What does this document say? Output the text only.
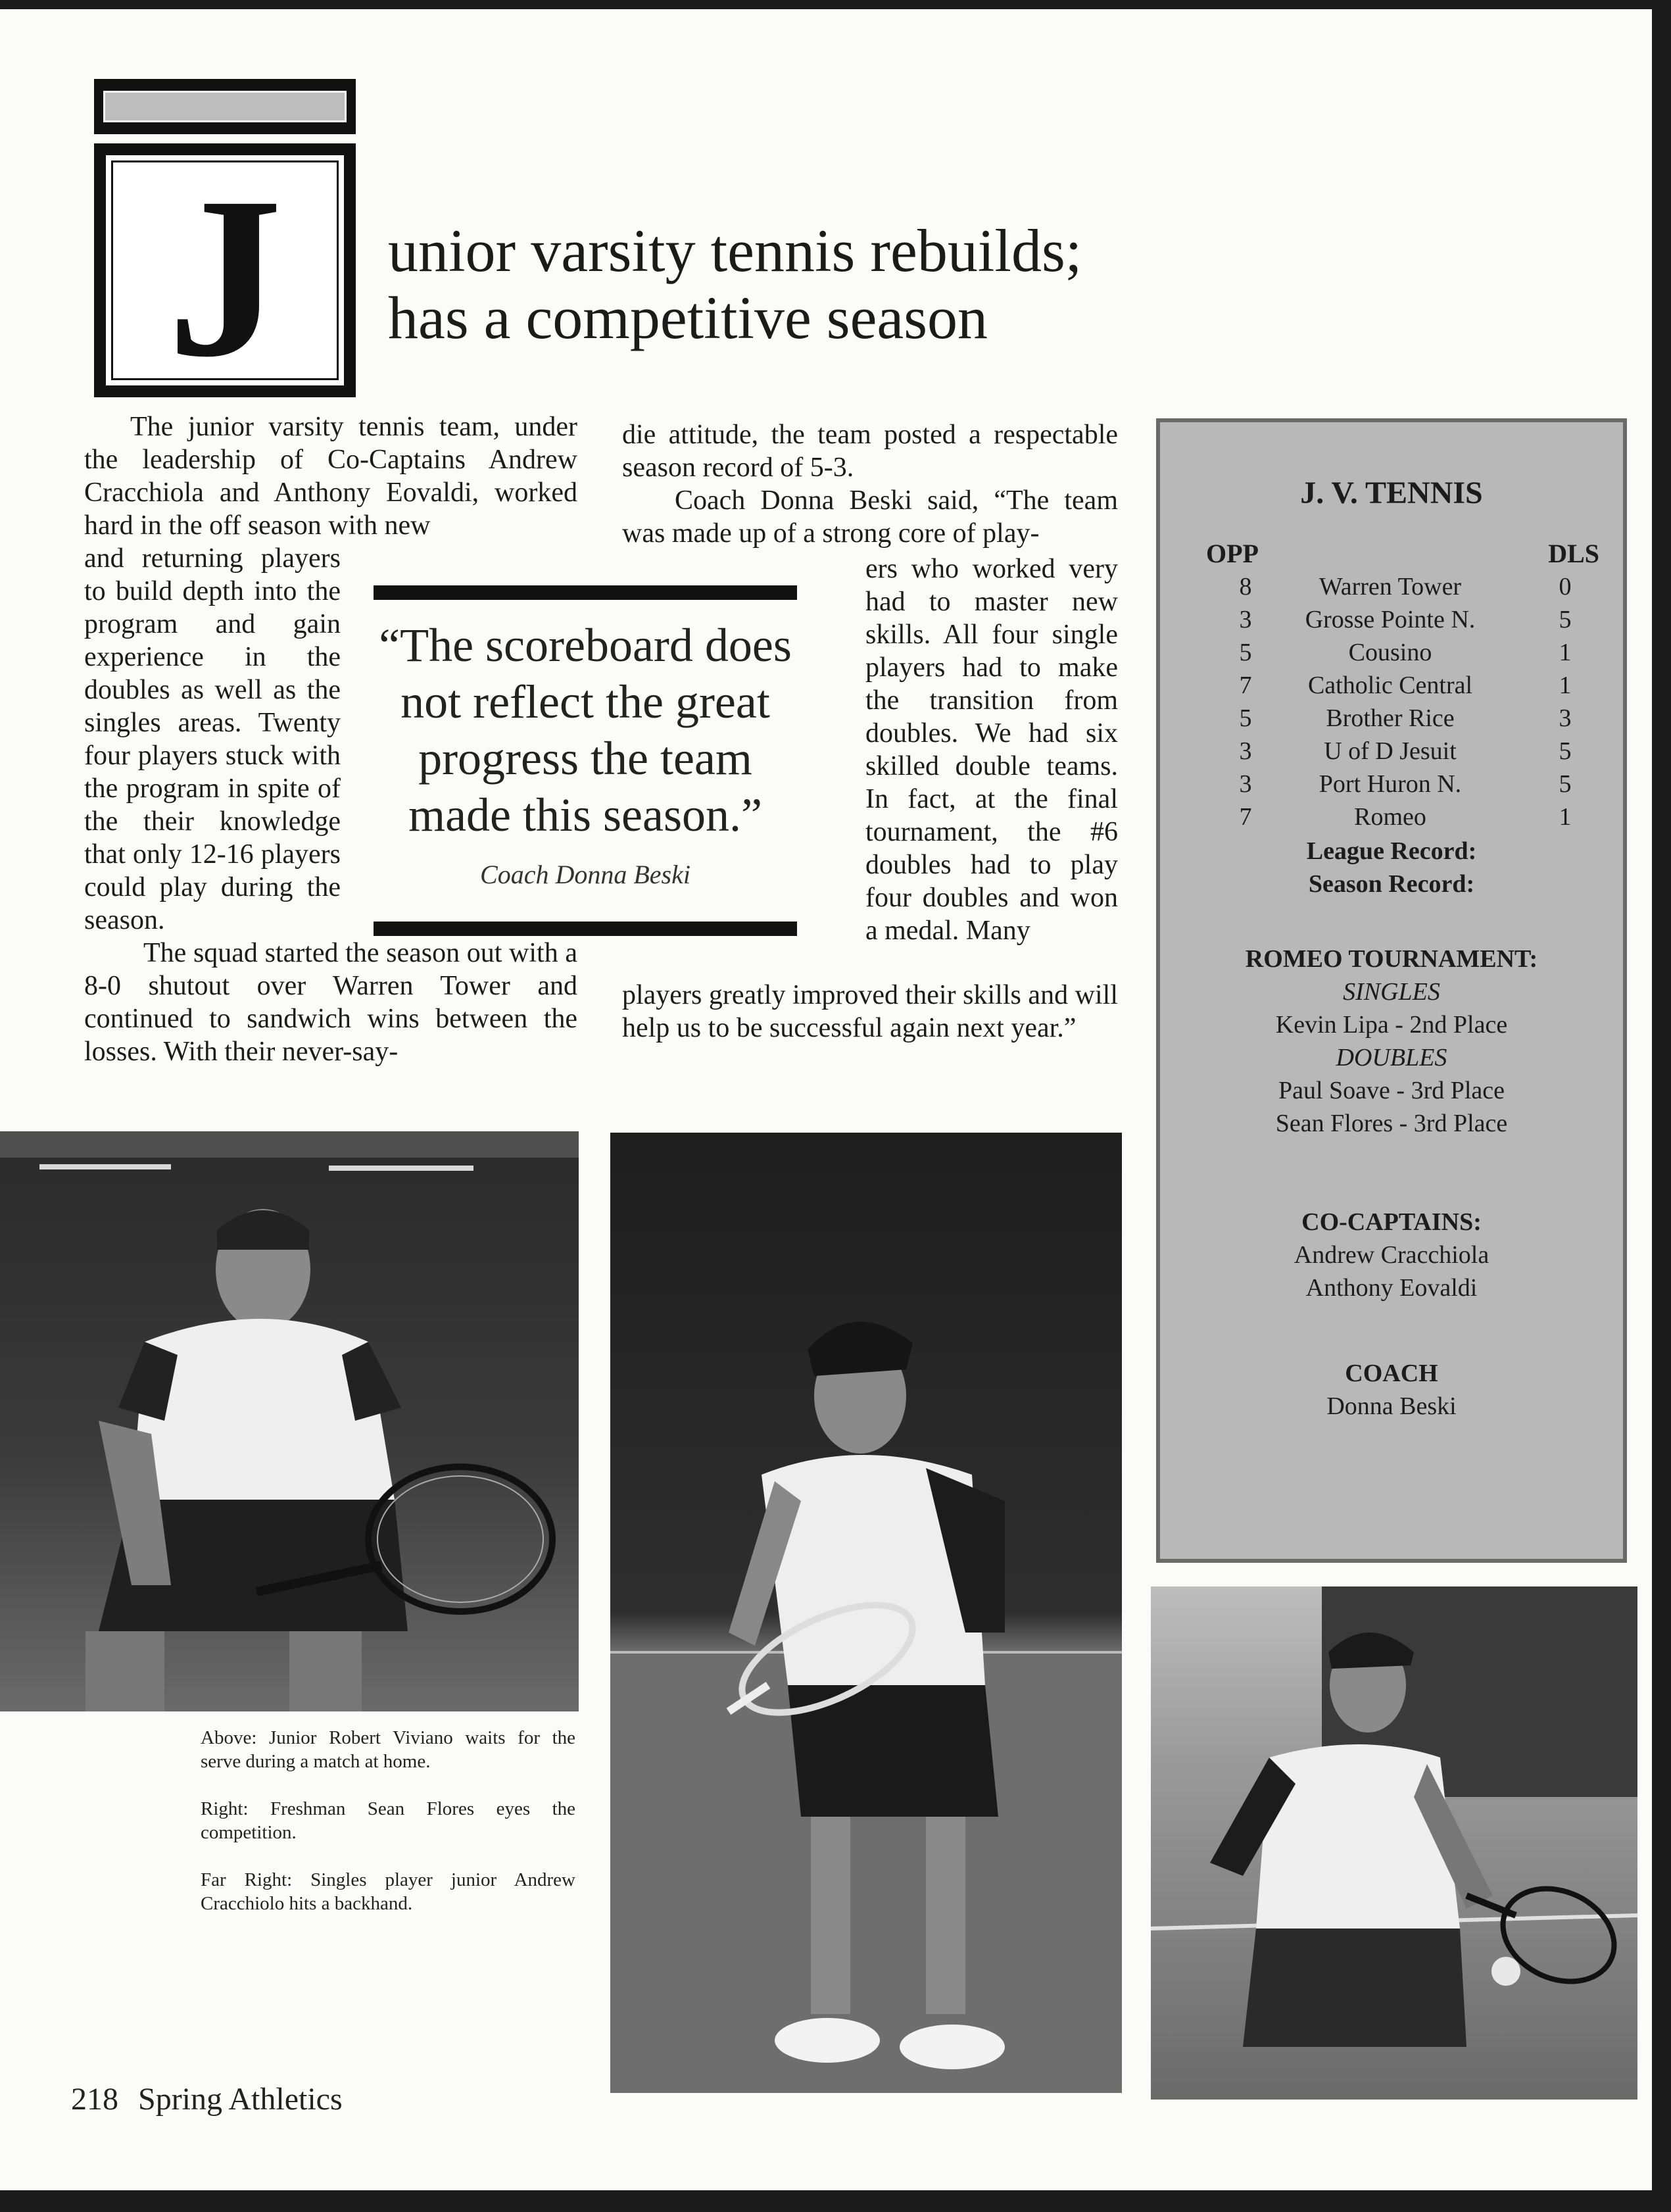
J	unior varsity tennis rebuilds;
has a competitive season

The junior varsity tennis team, under the leadership of Co-Captains Andrew Cracchiola and Anthony Eovaldi, worked hard in the off season with new

and returning players to build depth into the program and gain experience in the doubles as well as the singles areas. Twenty four players stuck with the program in spite of the their knowledge that only 12-16 players could play during the season.

The squad started the season out with a 8-0 shutout over Warren Tower and continued to sandwich wins between the losses. With their never-say-

die attitude, the team posted a respectable season record of 5-3.

Coach Donna Beski said, “The team was made up of a strong core of play-

ers who worked very had to master new skills. All four single players had to make the transition from doubles. We had six skilled double teams. In fact, at the final tournament, the #6 doubles had to play four doubles and won a medal. Many

players greatly improved their skills and will help us to be successful again next year.”

“The scoreboard does not reflect the great progress the team made this season.”
Coach Donna Beski
J. V. TENNIS
OPP	DLS
8	Warren Tower	0
3	Grosse Pointe N.	5
5	Cousino	1
7	Catholic Central	1
5	Brother Rice	3
3	U of D Jesuit	5
3	Port Huron N.	5
7	Romeo	1
League Record:
Season Record:
ROMEO TOURNAMENT:
SINGLES
Kevin Lipa - 2nd Place
DOUBLES
Paul Soave - 3rd Place
Sean Flores - 3rd Place
CO-CAPTAINS:
Andrew Cracchiola
Anthony Eovaldi
COACH
Donna Beski

Above: Junior Robert Viviano waits for the serve during a match at home.

Right: Freshman Sean Flores eyes the competition.

Far Right: Singles player junior Andrew Cracchiolo hits a backhand.

218 Spring Athletics
